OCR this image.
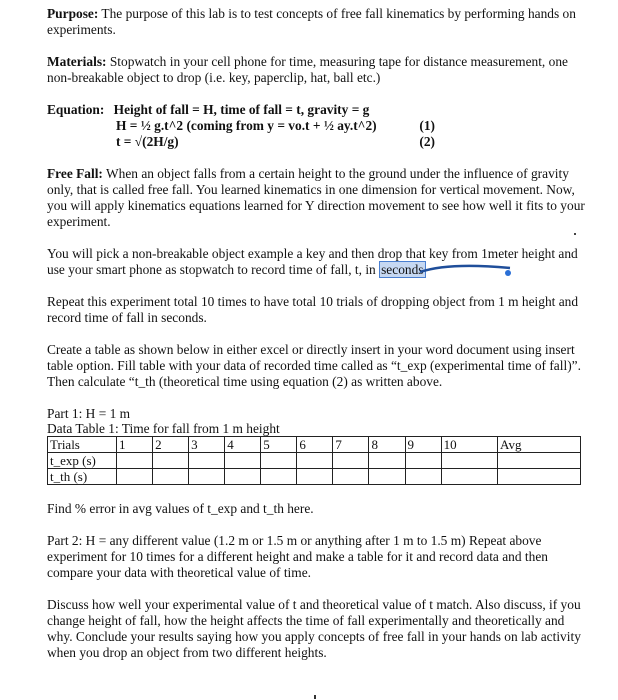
Purpose: The purpose of this lab is to test concepts of free fall kinematics by performing hands on experiments.

Materials: Stopwatch in your cell phone for time, measuring tape for distance measurement, one non-breakable object to drop (i.e. key, paperclip, hat, ball etc.)

Equation: Height of fall = H, time of fall = t, gravity = g

H = ½ g.t^2 (coming from y = vo.t + ½ ay.t^2)	(1)
t = √(2H/g)	(2)

Free Fall: When an object falls from a certain height to the ground under the influence of gravity only, that is called free fall. You learned kinematics in one dimension for vertical movement. Now, you will apply kinematics equations learned for Y direction movement to see how well it fits to your experiment.

You will pick a non-breakable object example a key and then drop that key from 1meter height and use your smart phone as stopwatch to record time of fall, t, in seconds

Repeat this experiment total 10 times to have total 10 trials of dropping object from 1 m height and record time of fall in seconds.

Create a table as shown below in either excel or directly insert in your word document using insert table option. Fill table with your data of recorded time called as “t_exp (experimental time of fall)”. Then calculate “t_th (theoretical time using equation (2) as written above.

Part 1: H = 1 m

Data Table 1: Time for fall from 1 m height

Trials	1	2	3	4	5	6	7	8	9	10	Avg
t_exp (s)											
t_th (s)											

Find % error in avg values of t_exp and t_th here.

Part 2: H = any different value (1.2 m or 1.5 m or anything after 1 m to 1.5 m) Repeat above experiment for 10 times for a different height and make a table for it and record data and then compare your data with theoretical value of time.

Discuss how well your experimental value of t and theoretical value of t match. Also discuss, if you change height of fall, how the height affects the time of fall experimentally and theoretically and why. Conclude your results saying how you apply concepts of free fall in your hands on lab activity when you drop an object from two different heights.
